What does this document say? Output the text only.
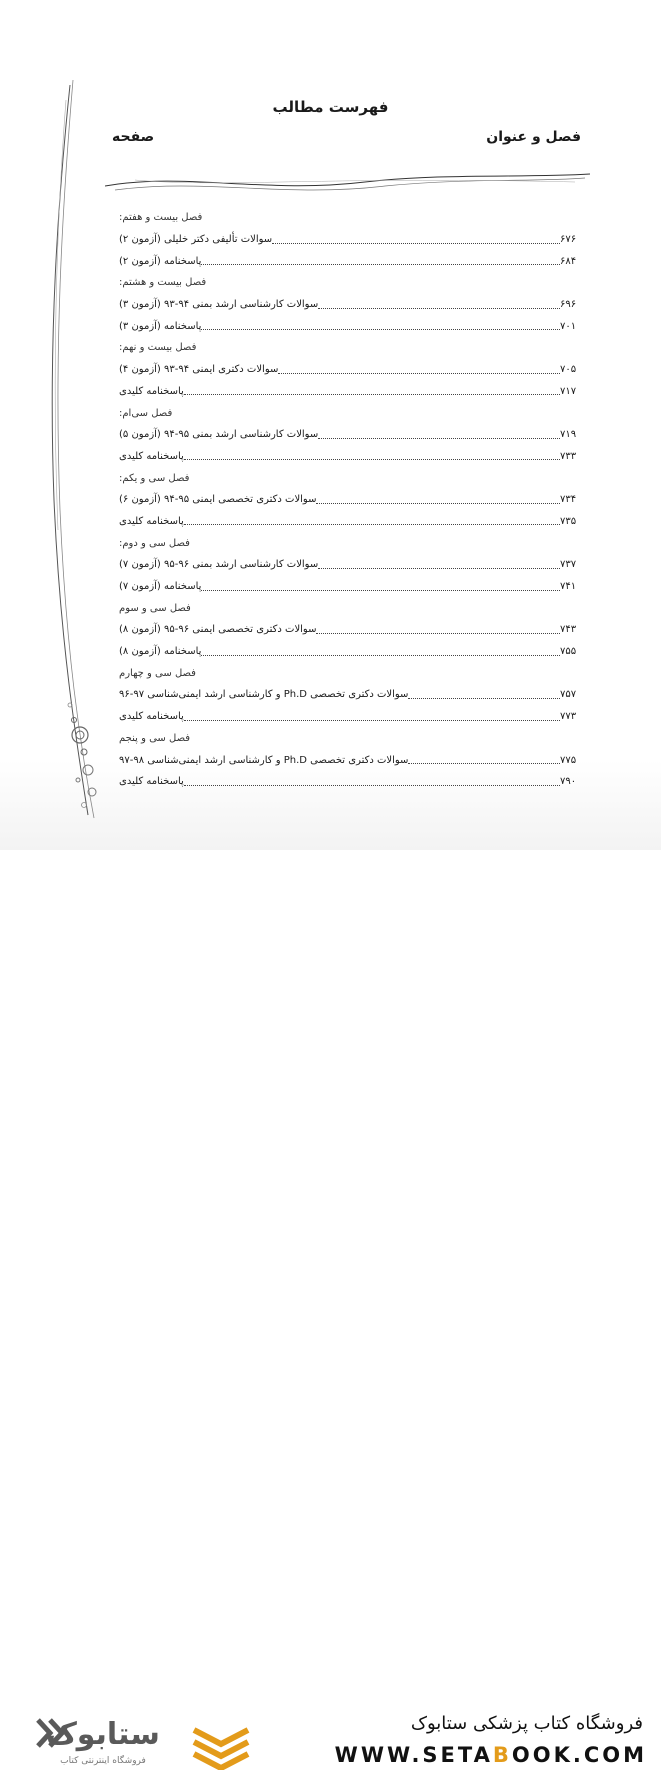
فهرست مطالب
فصل و عنوان
صفحه
فصل بیست و هفتم:
سوالات تألیفی دکتر خلیلی (آزمون ۲)	۶۷۶
پاسخنامه (آزمون ۲)	۶۸۴
فصل بیست و هشتم:
سوالات کارشناسی ارشد بمنی ۹۴-۹۳ (آزمون ۳)	۶۹۶
پاسخنامه (آزمون ۳)	۷۰۱
فصل بیست و نهم:
سوالات دکتری ایمنی ۹۴-۹۳ (آزمون ۴)	۷۰۵
پاسخنامه کلیدی	۷۱۷
فصل سی‌ام:
سوالات کارشناسی ارشد بمنی ۹۵-۹۴ (آزمون ۵)	۷۱۹
پاسخنامه کلیدی	۷۳۳
فصل سی و یکم:
سوالات دکتری تخصصی ایمنی ۹۵-۹۴ (آزمون ۶)	۷۳۴
پاسخنامه کلیدی	۷۳۵
فصل سی و دوم:
سوالات کارشناسی ارشد بمنی ۹۶-۹۵ (آزمون ۷)	۷۳۷
پاسخنامه (آزمون ۷)	۷۴۱
فصل سی و سوم
سوالات دکتری تخصصی ایمنی ۹۶-۹۵ (آزمون ۸)	۷۴۳
پاسخنامه (آزمون ۸)	۷۵۵
فصل سی و چهارم
سوالات دکتری تخصصی Ph.D و کارشناسی ارشد ایمنی‌شناسی ۹۷-۹۶	۷۵۷
پاسخنامه کلیدی	۷۷۳
فصل سی و پنجم
سوالات دکتری تخصصی Ph.D و کارشناسی ارشد ایمنی‌شناسی ۹۸-۹۷	۷۷۵
پاسخنامه کلیدی	۷۹۰
ستابوک
فروشگاه اینترنتی کتاب
فروشگاه کتاب پزشکی ستابوک
WWW.SETABOOK.COM
